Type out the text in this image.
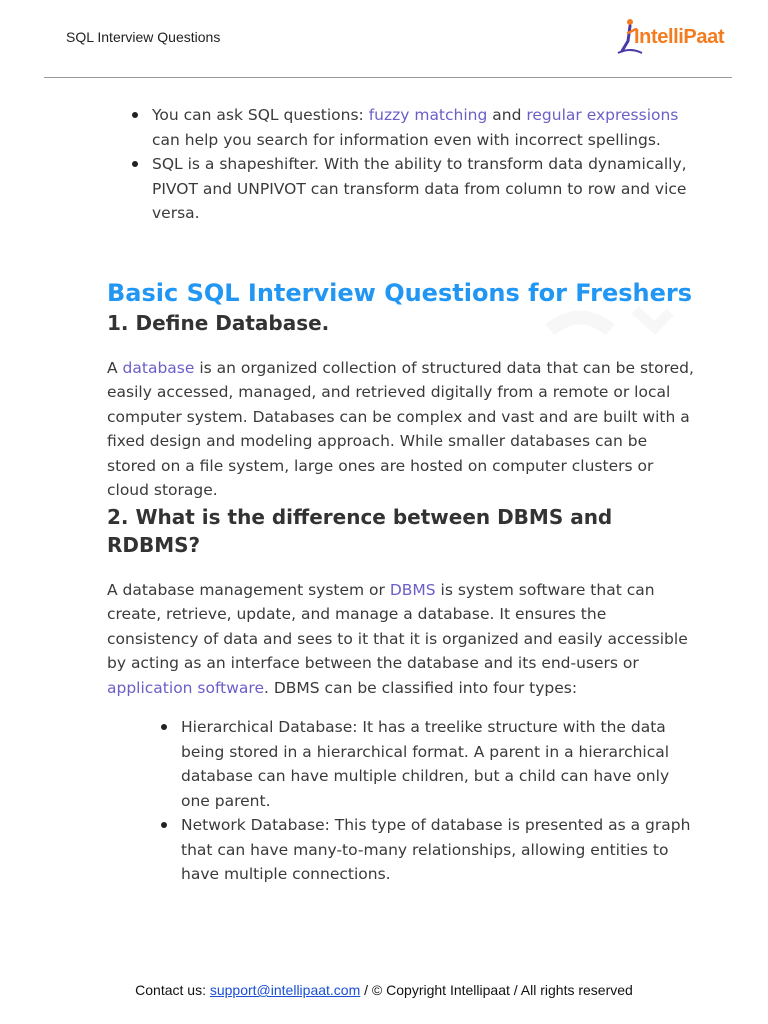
SQL Interview Questions	IntelliPaat
You can ask SQL questions: fuzzy matching and regular expressions can help you search for information even with incorrect spellings.
SQL is a shapeshifter. With the ability to transform data dynamically, PIVOT and UNPIVOT can transform data from column to row and vice versa.
Basic SQL Interview Questions for Freshers
1. Define Database.

A database is an organized collection of structured data that can be stored, easily accessed, managed, and retrieved digitally from a remote or local computer system. Databases can be complex and vast and are built with a fixed design and modeling approach. While smaller databases can be stored on a file system, large ones are hosted on computer clusters or cloud storage.

2. What is the difference between DBMS and RDBMS?

A database management system or DBMS is system software that can create, retrieve, update, and manage a database. It ensures the consistency of data and sees to it that it is organized and easily accessible by acting as an interface between the database and its end-users or application software. DBMS can be classified into four types:

Hierarchical Database: It has a treelike structure with the data being stored in a hierarchical format. A parent in a hierarchical database can have multiple children, but a child can have only one parent.
Network Database: This type of database is presented as a graph that can have many-to-many relationships, allowing entities to have multiple connections.
Contact us: support@intellipaat.com / © Copyright Intellipaat / All rights reserved
